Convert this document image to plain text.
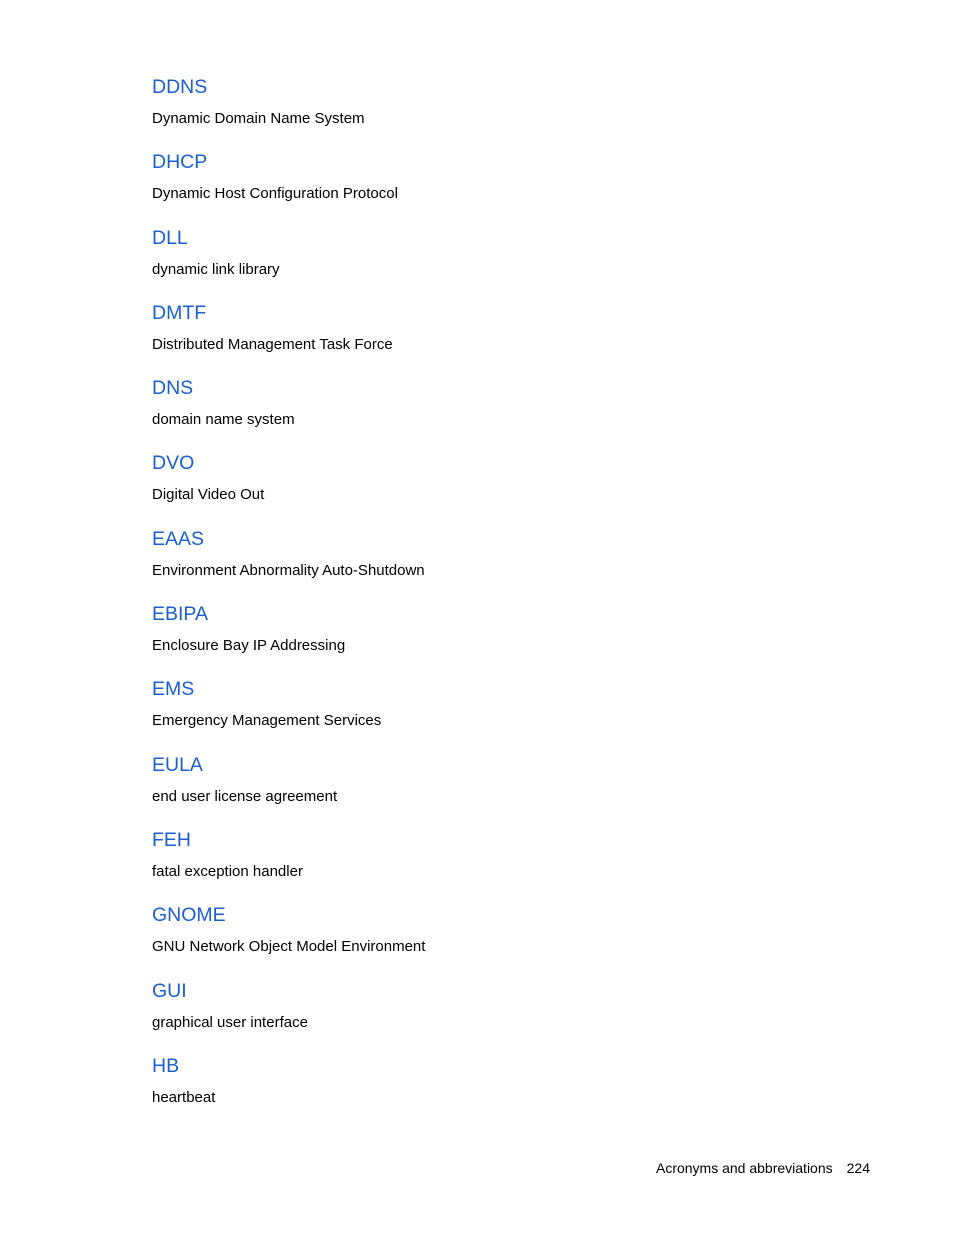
DDNS
Dynamic Domain Name System
DHCP
Dynamic Host Configuration Protocol
DLL
dynamic link library
DMTF
Distributed Management Task Force
DNS
domain name system
DVO
Digital Video Out
EAAS
Environment Abnormality Auto-Shutdown
EBIPA
Enclosure Bay IP Addressing
EMS
Emergency Management Services
EULA
end user license agreement
FEH
fatal exception handler
GNOME
GNU Network Object Model Environment
GUI
graphical user interface
HB
heartbeat
Acronyms and abbreviations 224
